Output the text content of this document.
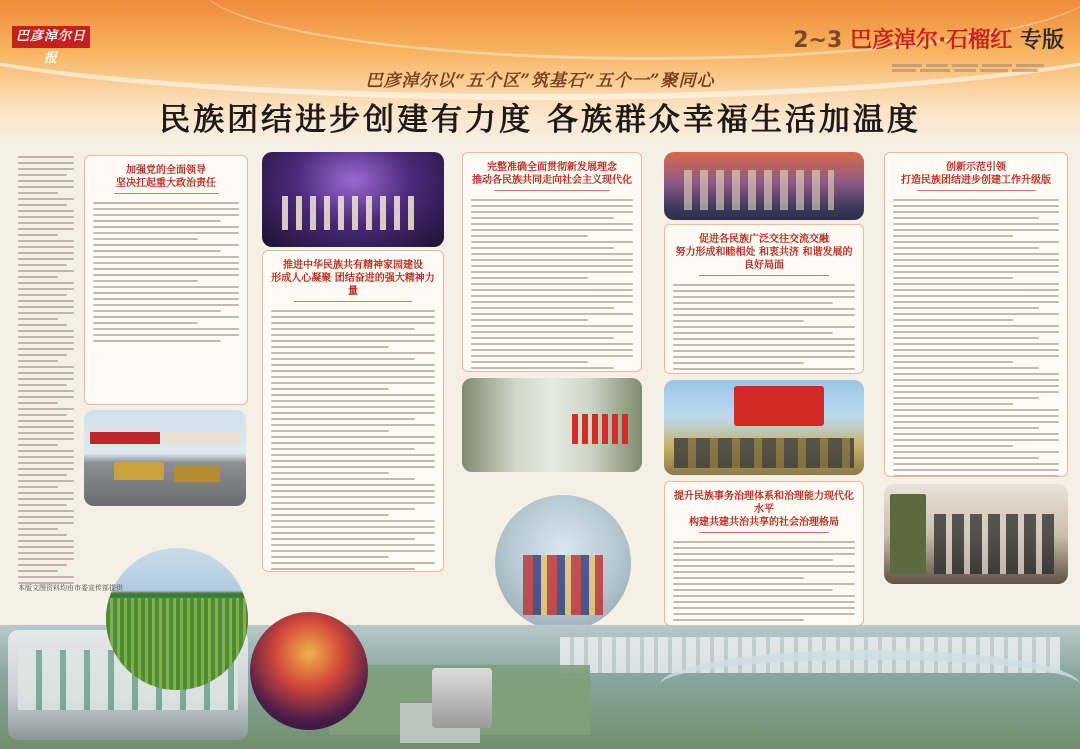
巴彦淖尔日报
2~3 巴彦淖尔·石榴红 专版
巴彦淖尔以“五个区”筑基石“五个一”聚同心
民族团结进步创建有力度 各族群众幸福生活加温度
加强党的全面领导
坚决扛起重大政治责任
推进中华民族共有精神家园建设
形成人心凝聚 团结奋进的强大精神力量
完整准确全面贯彻新发展理念
推动各民族共同走向社会主义现代化
促进各民族广泛交往交流交融
努力形成和睦相处 和衷共济 和谐发展的良好局面
提升民族事务治理体系和治理能力现代化水平
构建共建共治共享的社会治理格局
创新示范引领
打造民族团结进步创建工作升级版
本版文图资料均由市委宣传部提供
